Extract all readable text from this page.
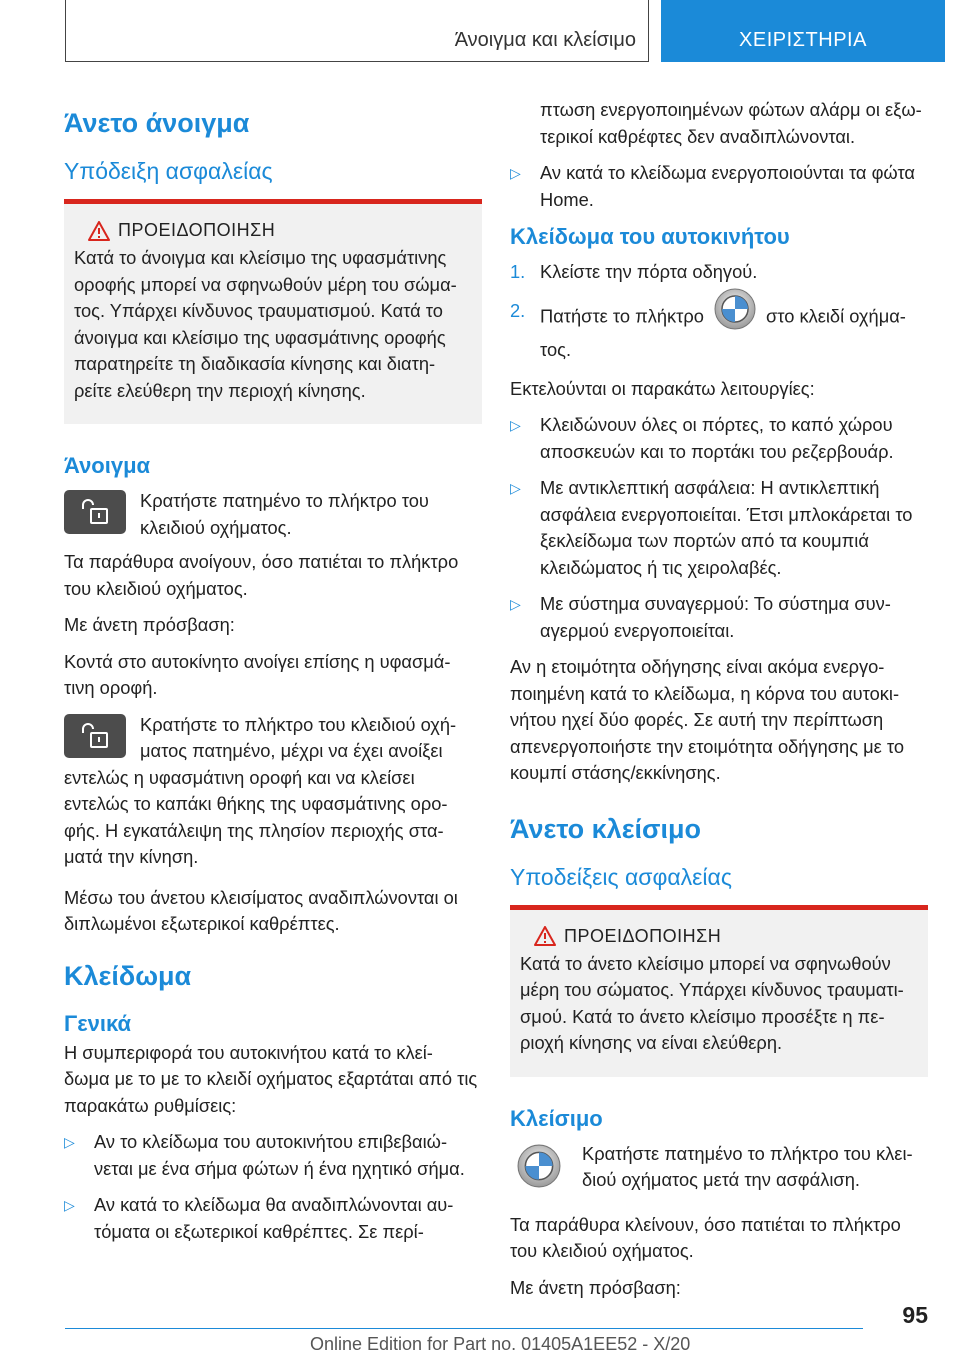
Άνοιγμα και κλείσιμο	ΧΕΙΡΙΣΤΗΡΙΑ
Άνετο άνοιγμα
Υπόδειξη ασφαλείας
ΠΡΟΕΙΔΟΠΟΙΗΣΗ

Κατά το άνοιγμα και κλείσιμο της υφασμάτινης οροφής μπορεί να σφηνωθούν μέρη του σώμα- τος. Υπάρχει κίνδυνος τραυματισμού. Κατά το άνοιγμα και κλείσιμο της υφασμάτινης οροφής παρατηρείτε τη διαδικασία κίνησης και διατη- ρείτε ελεύθερη την περιοχή κίνησης.

Άνοιγμα

Κρατήστε πατημένο το πλήκτρο του κλειδιού οχήματος.

Τα παράθυρα ανοίγουν, όσο πατιέται το πλήκτρο του κλειδιού οχήματος.

Με άνετη πρόσβαση:

Κοντά στο αυτοκίνητο ανοίγει επίσης η υφασμά- τινη οροφή.

Κρατήστε το πλήκτρο του κλειδιού οχή- ματος πατημένο, μέχρι να έχει ανοίξει εντελώς η υφασμάτινη οροφή και να κλείσει εντελώς το καπάκι θήκης της υφασμάτινης ορο- φής. Η εγκατάλειψη της πλησίον περιοχής στα- ματά την κίνηση.

Μέσω του άνετου κλεισίματος αναδιπλώνονται οι διπλωμένοι εξωτερικοί καθρέπτες.

Κλείδωμα
Γενικά

Η συμπεριφορά του αυτοκινήτου κατά το κλεί- δωμα με το με το κλειδί οχήματος εξαρτάται από τις παρακάτω ρυθμίσεις:

▷ Αν το κλείδωμα του αυτοκινήτου επιβεβαιώ- νεται με ένα σήμα φώτων ή ένα ηχητικό σήμα.
▷ Αν κατά το κλείδωμα θα αναδιπλώνονται αυ- τόματα οι εξωτερικοί καθρέπτες. Σε περί-

πτωση ενεργοποιημένων φώτων αλάρμ οι εξω- τερικοί καθρέφτες δεν αναδιπλώνονται.

▷ Αν κατά το κλείδωμα ενεργοποιούνται τα φώτα Home.
Κλείδωμα του αυτοκινήτου
1. Κλείστε την πόρτα οδηγού.
2. Πατήστε το πλήκτρο	στο κλειδί οχήμα- τος.

Εκτελούνται οι παρακάτω λειτουργίες:

▷ Κλειδώνουν όλες οι πόρτες, το καπό χώρου αποσκευών και το πορτάκι του ρεζερβουάρ.
▷ Με αντικλεπτική ασφάλεια: Η αντικλεπτική ασφάλεια ενεργοποιείται. Έτσι μπλοκάρεται το ξεκλείδωμα των πορτών από τα κουμπιά κλειδώματος ή τις χειρολαβές.
▷ Με σύστημα συναγερμού: Το σύστημα συν- αγερμού ενεργοποιείται.

Αν η ετοιμότητα οδήγησης είναι ακόμα ενεργο- ποιημένη κατά το κλείδωμα, η κόρνα του αυτοκι- νήτου ηχεί δύο φορές. Σε αυτή την περίπτωση απενεργοποιήστε την ετοιμότητα οδήγησης με το κουμπί στάσης/εκκίνησης.

Άνετο κλείσιμο
Υποδείξεις ασφαλείας
ΠΡΟΕΙΔΟΠΟΙΗΣΗ

Κατά το άνετο κλείσιμο μπορεί να σφηνωθούν μέρη του σώματος. Υπάρχει κίνδυνος τραυματι- σμού. Κατά το άνετο κλείσιμο προσέξτε η πε- ριοχή κίνησης να είναι ελεύθερη.

Κλείσιμο

Κρατήστε πατημένο το πλήκτρο του κλει- διού οχήματος μετά την ασφάλιση.

Τα παράθυρα κλείνουν, όσο πατιέται το πλήκτρο του κλειδιού οχήματος.

Με άνετη πρόσβαση:

95
Online Edition for Part no. 01405A1EE52 - X/20
